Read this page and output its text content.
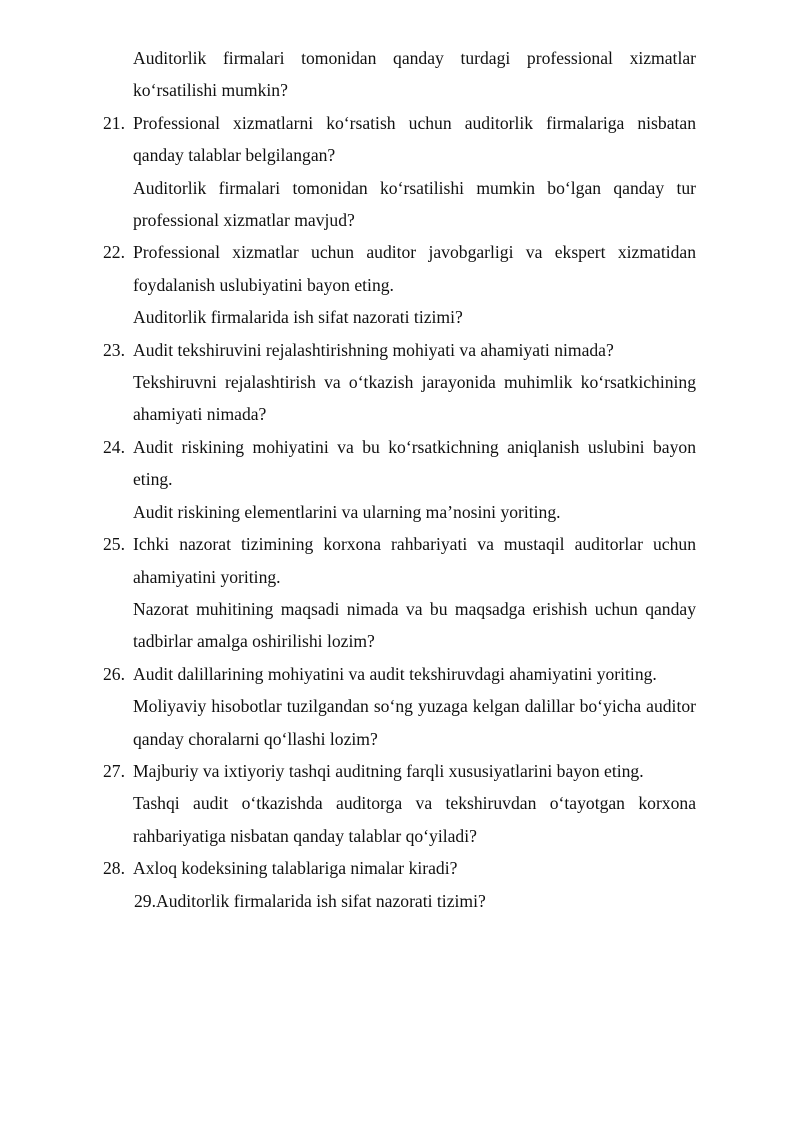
Auditorlik firmalari tomonidan qanday turdagi professional xizmatlar ko‘rsatilishi mumkin?
21. Professional xizmatlarni ko‘rsatish uchun auditorlik firmalariga nisbatan qanday talablar belgilangan?
Auditorlik firmalari tomonidan ko‘rsatilishi mumkin bo‘lgan qanday tur professional xizmatlar mavjud?
22. Professional xizmatlar uchun auditor javobgarligi va ekspert xizmatidan foydalanish uslubiyatini bayon eting.
Auditorlik firmalarida ish sifat nazorati tizimi?
23. Audit tekshiruvini rejalashtirishning mohiyati va ahamiyati nimada?
Tekshiruvni rejalashtirish va o‘tkazish jarayonida muhimlik ko‘rsatkichining ahamiyati nimada?
24. Audit riskining mohiyatini va bu ko‘rsatkichning aniqlanish uslubini bayon eting.
Audit riskining elementlarini va ularning ma’nosini yoriting.
25. Ichki nazorat tizimining korxona rahbariyati va mustaqil auditorlar uchun ahamiyatini yoriting.
Nazorat muhitining maqsadi nimada va bu maqsadga erishish uchun qanday tadbirlar amalga oshirilishi lozim?
26. Audit dalillarining mohiyatini va audit tekshiruvdagi ahamiyatini yoriting.
Moliyaviy hisobotlar tuzilgandan so‘ng yuzaga kelgan dalillar bo‘yicha auditor qanday choralarni qo‘llashi lozim?
27. Majburiy va ixtiyoriy tashqi auditning farqli xususiyatlarini bayon eting.
Tashqi audit o‘tkazishda auditorga va tekshiruvdan o‘tayotgan korxona rahbariyatiga nisbatan qanday talablar qo‘yiladi?
28. Axloq kodeksining talablariga nimalar kiradi?
29.Auditorlik firmalarida ish sifat nazorati tizimi?
